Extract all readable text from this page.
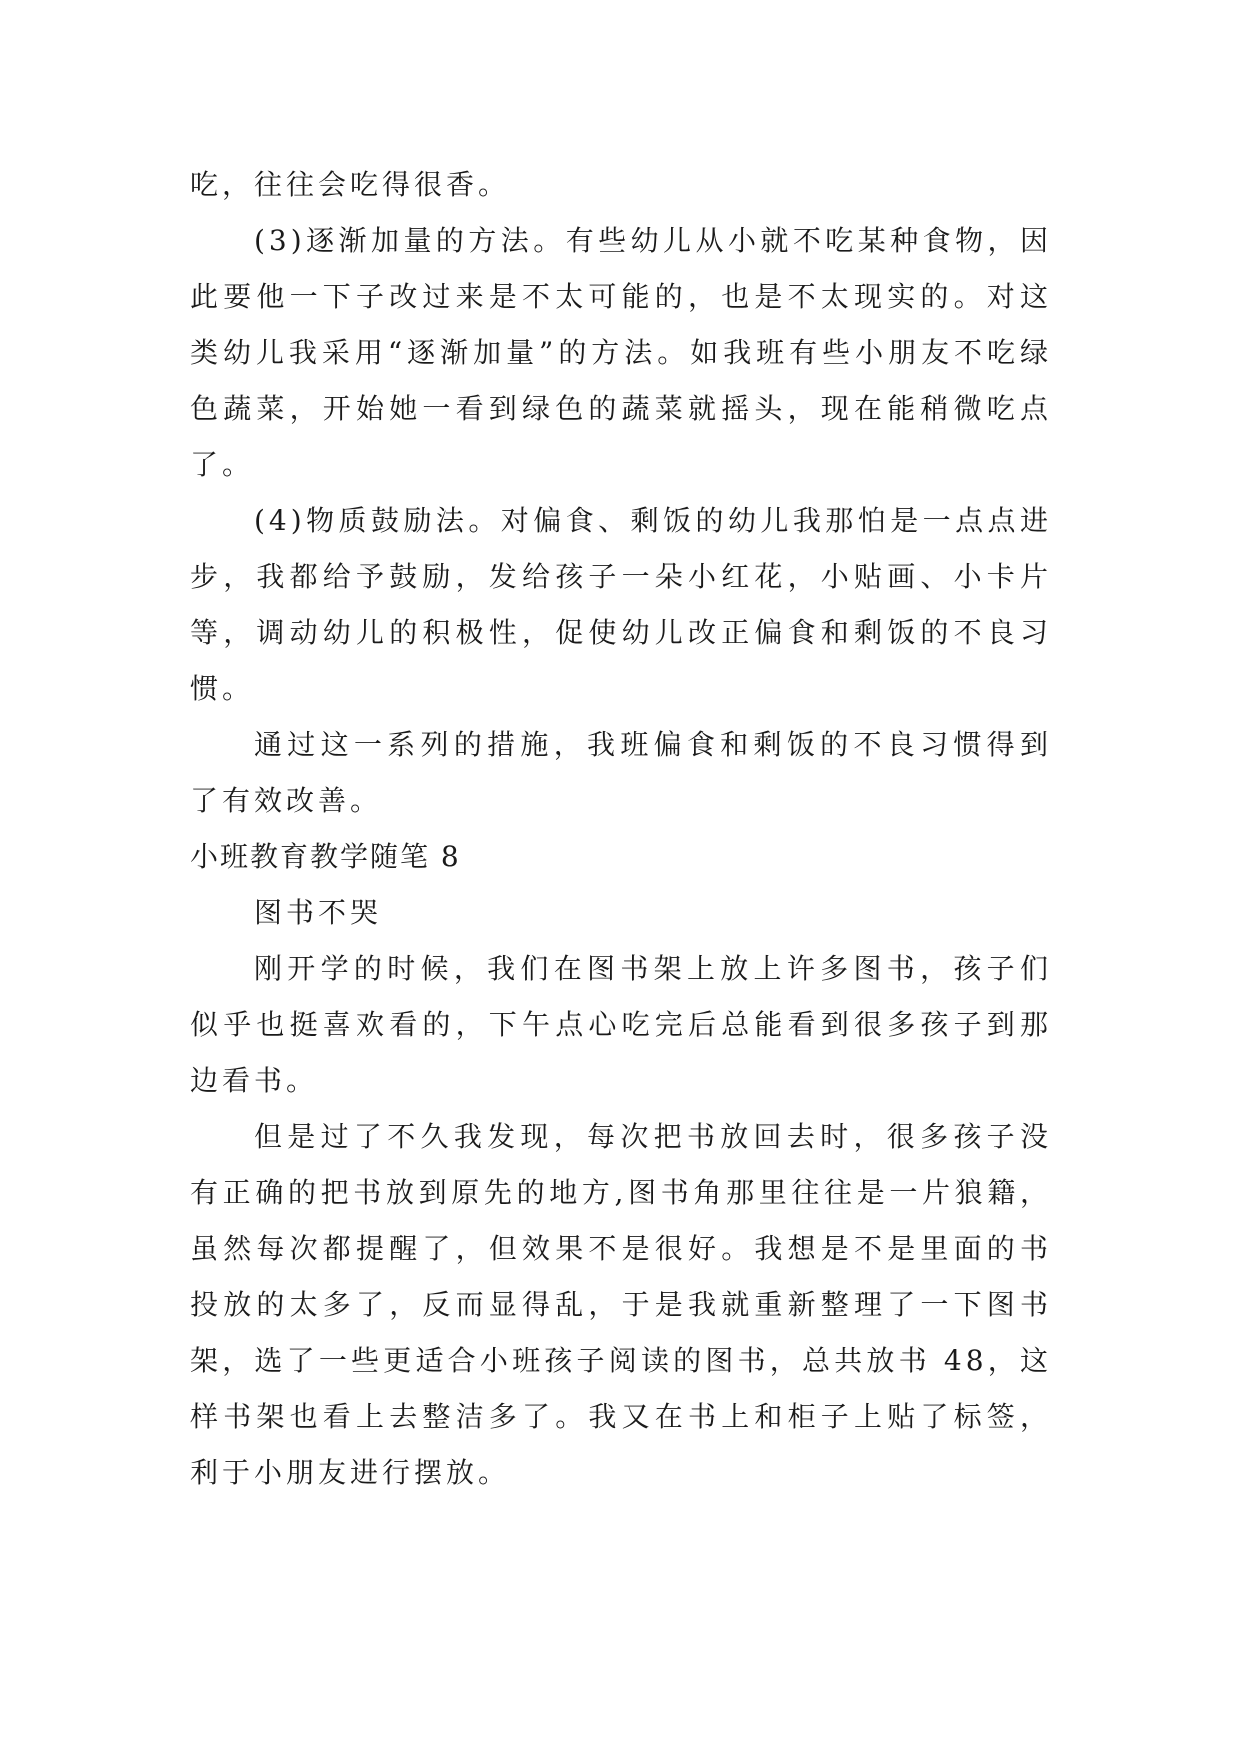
吃，往往会吃得很香。

(3)逐渐加量的方法。有些幼儿从小就不吃某种食物，因此要他一下子改过来是不太可能的，也是不太现实的。对这类幼儿我采用“逐渐加量”的方法。如我班有些小朋友不吃绿色蔬菜，开始她一看到绿色的蔬菜就摇头，现在能稍微吃点了。

(4)物质鼓励法。对偏食、剩饭的幼儿我那怕是一点点进步，我都给予鼓励，发给孩子一朵小红花，小贴画、小卡片等，调动幼儿的积极性，促使幼儿改正偏食和剩饭的不良习惯。

通过这一系列的措施，我班偏食和剩饭的不良习惯得到了有效改善。

小班教育教学随笔 8

图书不哭

刚开学的时候，我们在图书架上放上许多图书，孩子们似乎也挺喜欢看的，下午点心吃完后总能看到很多孩子到那边看书。

但是过了不久我发现，每次把书放回去时，很多孩子没有正确的把书放到原先的地方,图书角那里往往是一片狼籍，虽然每次都提醒了，但效果不是很好。我想是不是里面的书投放的太多了，反而显得乱，于是我就重新整理了一下图书架，选了一些更适合小班孩子阅读的图书，总共放书 48，这样书架也看上去整洁多了。我又在书上和柜子上贴了标签，利于小朋友进行摆放。
